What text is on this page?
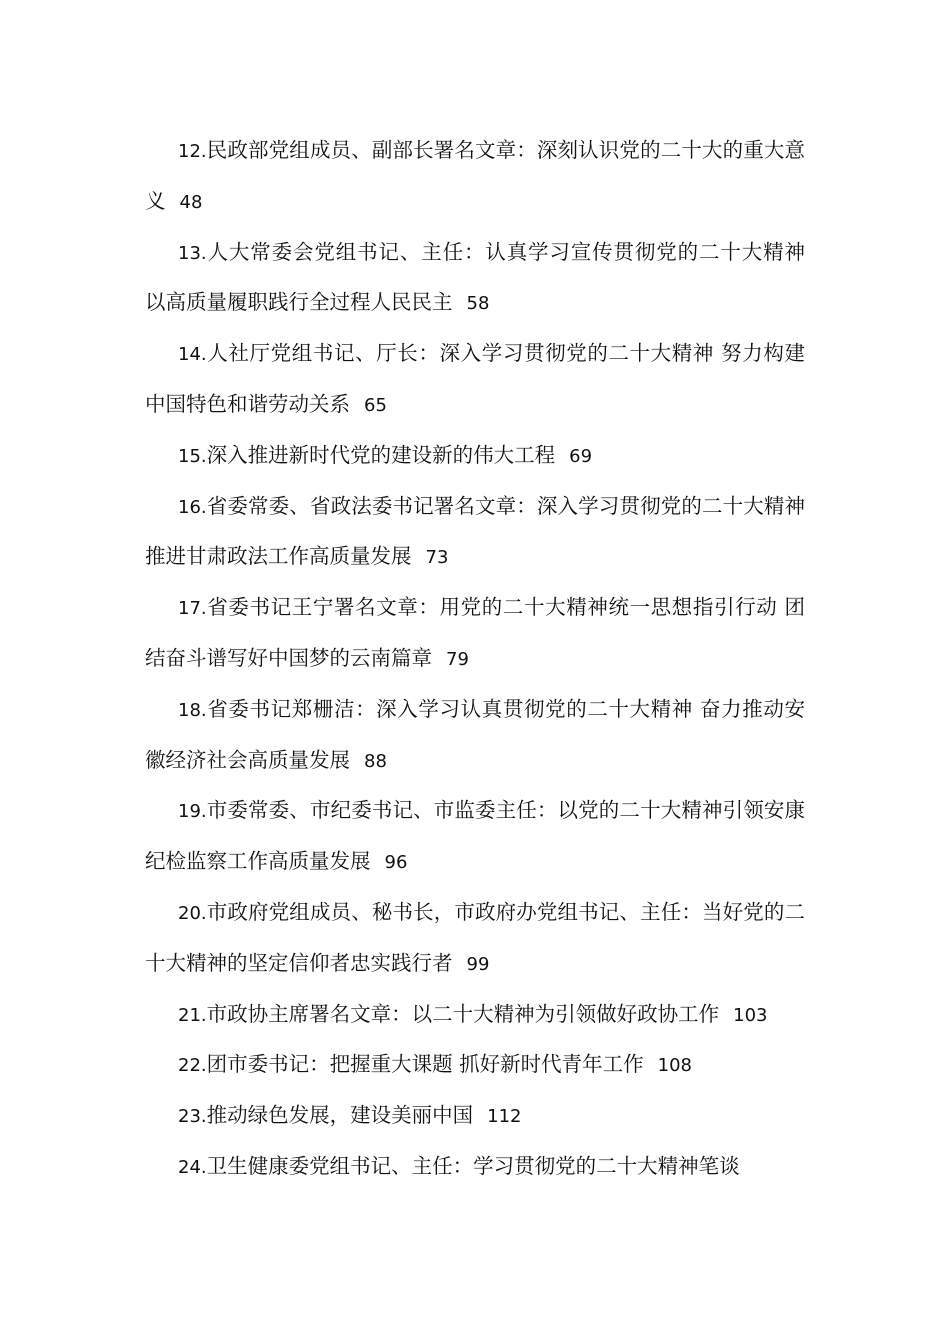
12.民政部党组成员、副部长署名文章：深刻认识党的二十大的重大意义 48
13.人大常委会党组书记、主任：认真学习宣传贯彻党的二十大精神 以高质量履职践行全过程人民民主 58
14.人社厅党组书记、厅长：深入学习贯彻党的二十大精神 努力构建中国特色和谐劳动关系 65
15.深入推进新时代党的建设新的伟大工程 69
16.省委常委、省政法委书记署名文章：深入学习贯彻党的二十大精神 推进甘肃政法工作高质量发展 73
17.省委书记王宁署名文章：用党的二十大精神统一思想指引行动 团结奋斗谱写好中国梦的云南篇章 79
18.省委书记郑栅洁：深入学习认真贯彻党的二十大精神 奋力推动安徽经济社会高质量发展 88
19.市委常委、市纪委书记、市监委主任：以党的二十大精神引领安康纪检监察工作高质量发展 96
20.市政府党组成员、秘书长，市政府办党组书记、主任：当好党的二十大精神的坚定信仰者忠实践行者 99
21.市政协主席署名文章：以二十大精神为引领做好政协工作 103
22.团市委书记：把握重大课题 抓好新时代青年工作 108
23.推动绿色发展，建设美丽中国 112
24.卫生健康委党组书记、主任：学习贯彻党的二十大精神笔谈
